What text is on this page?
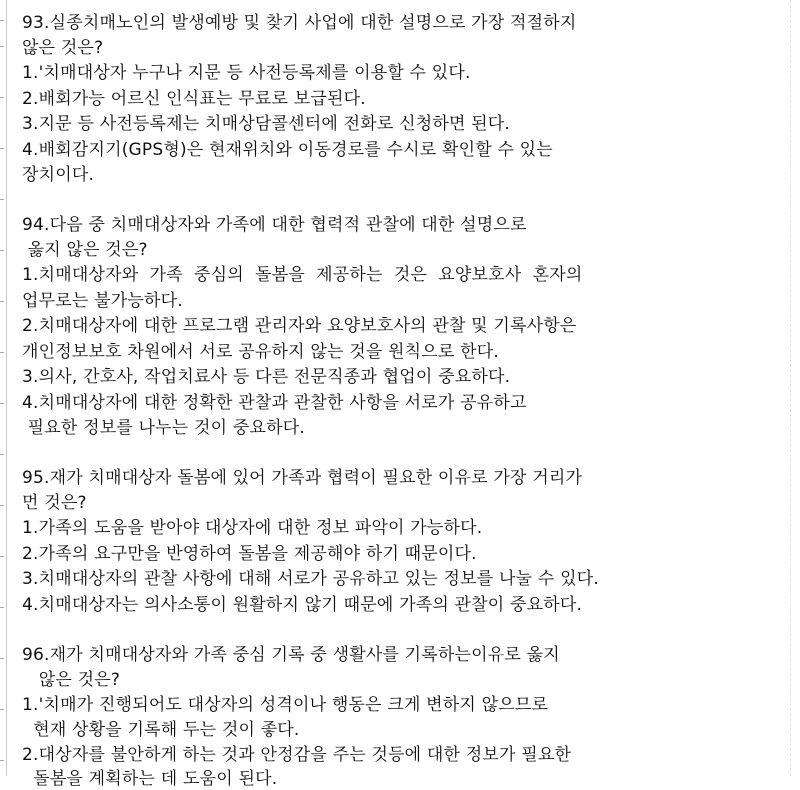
93.실종치매노인의 발생예방 및 찾기 사업에 대한 설명으로 가장 적절하지
않은 것은?
1.'치매대상자 누구나 지문 등 사전등록제를 이용할 수 있다.
2.배회가능 어르신 인식표는 무료로 보급된다.
3.지문 등 사전등록제는 치매상담콜센터에 전화로 신청하면 된다.
4.배회감지기(GPS형)은 현재위치와 이동경로를 수시로 확인할 수 있는
장치이다.
94.다음 중 치매대상자와 가족에 대한 협력적 관찰에 대한 설명으로
옳지 않은 것은?
1.치매대상자와  가족  중심의  돌봄을  제공하는  것은  요양보호사  혼자의
업무로는 불가능하다.
2.치매대상자에 대한 프로그램 관리자와 요양보호사의 관찰 및 기록사항은
개인정보보호 차원에서 서로 공유하지 않는 것을 원칙으로 한다.
3.의사, 간호사, 작업치료사 등 다른 전문직종과 협업이 중요하다.
4.치매대상자에 대한 정확한 관찰과 관찰한 사항을 서로가 공유하고
필요한 정보를 나누는 것이 중요하다.
95.재가 치매대상자 돌봄에 있어 가족과 협력이 필요한 이유로 가장 거리가
먼 것은?
1.가족의 도움을 받아야 대상자에 대한 정보 파악이 가능하다.
2.가족의 요구만을 반영하여 돌봄을 제공해야 하기 때문이다.
3.치매대상자의 관찰 사항에 대해 서로가 공유하고 있는 정보를 나눌 수 있다.
4.치매대상자는 의사소통이 원활하지 않기 때문에 가족의 관찰이 중요하다.
96.재가 치매대상자와 가족 중심 기록 중 생활사를 기록하는이유로 옳지
않은 것은?
1.'치매가 진행되어도 대상자의 성격이나 행동은 크게 변하지 않으므로
현재 상황을 기록해 두는 것이 좋다.
2.대상자를 불안하게 하는 것과 안정감을 주는 것등에 대한 정보가 필요한
돌봄을 계획하는 데 도움이 된다.
